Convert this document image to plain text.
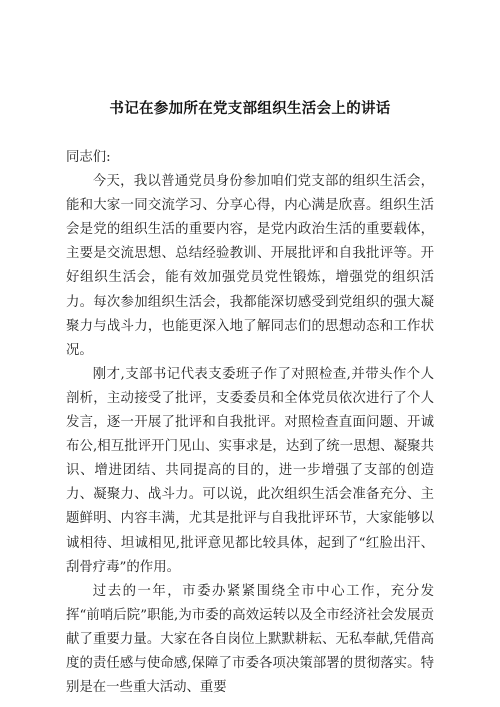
书记在参加所在党支部组织生活会上的讲话

同志们:

今天，我以普通党员身份参加咱们党支部的组织生活会，能和大家一同交流学习、分享心得，内心满是欣喜。组织生活会是党的组织生活的重要内容，是党内政治生活的重要载体，主要是交流思想、总结经验教训、开展批评和自我批评等。开好组织生活会，能有效加强党员党性锻炼，增强党的组织活力。每次参加组织生活会，我都能深切感受到党组织的强大凝聚力与战斗力，也能更深入地了解同志们的思想动态和工作状况。

刚才,支部书记代表支委班子作了对照检查,并带头作个人剖析，主动接受了批评，支委委员和全体党员依次进行了个人发言，逐一开展了批评和自我批评。对照检查直面问题、开诚布公,相互批评开门见山、实事求是，达到了统一思想、凝聚共识、增进团结、共同提高的目的，进一步增强了支部的创造力、凝聚力、战斗力。可以说，此次组织生活会准备充分、主题鲜明、内容丰满，尤其是批评与自我批评环节，大家能够以诚相待、坦诚相见,批评意见都比较具体，起到了“红脸出汗、刮骨疗毒”的作用。

过去的一年，市委办紧紧围绕全市中心工作，充分发挥“前哨后院”职能,为市委的高效运转以及全市经济社会发展贡献了重要力量。大家在各自岗位上默默耕耘、无私奉献,凭借高度的责任感与使命感,保障了市委各项决策部署的贯彻落实。特别是在一些重大活动、重要
